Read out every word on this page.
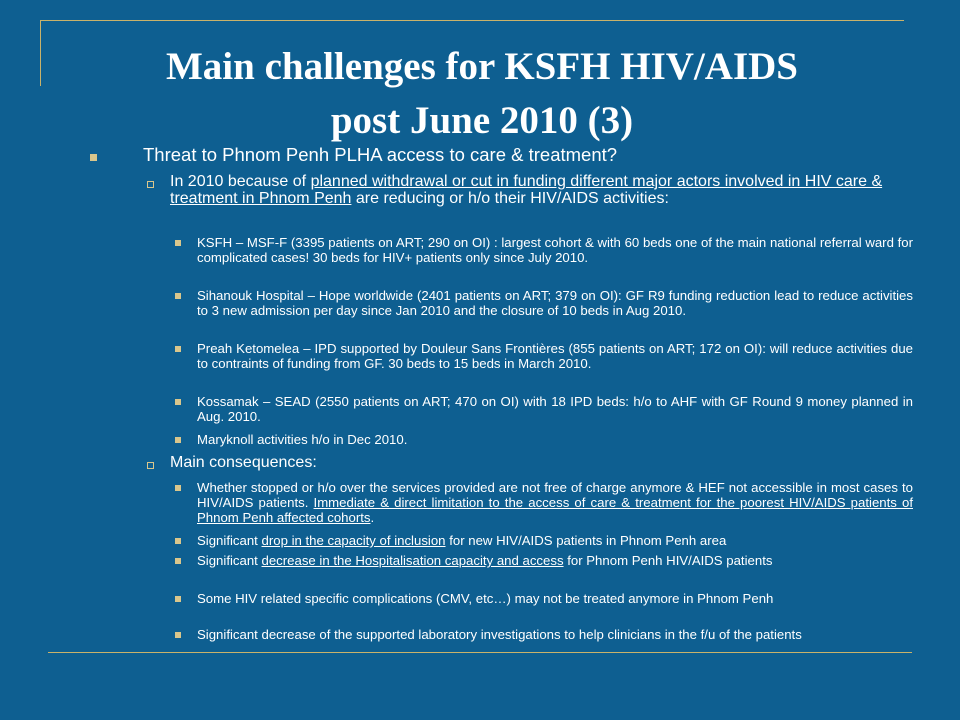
Main challenges for KSFH HIV/AIDS
post June 2010 (3)
Threat to Phnom Penh PLHA access to care & treatment?
In 2010 because of planned withdrawal or cut in funding different major actors involved in HIV care & treatment in Phnom Penh are reducing or h/o their HIV/AIDS activities:
KSFH – MSF-F (3395 patients on ART; 290 on OI) : largest cohort & with 60 beds one of the main national referral ward for complicated cases! 30 beds for HIV+ patients only since July 2010.
Sihanouk Hospital – Hope worldwide (2401 patients on ART; 379 on OI): GF R9 funding reduction lead to reduce activities to 3 new admission per day since Jan 2010 and the closure of 10 beds in Aug 2010.
Preah Ketomelea – IPD supported by Douleur Sans Frontières (855 patients on ART; 172 on OI): will reduce activities due to contraints of funding from GF. 30 beds to 15 beds in March 2010.
Kossamak – SEAD (2550 patients on ART; 470 on OI) with 18 IPD beds: h/o to AHF with GF Round 9 money planned in Aug. 2010.
Maryknoll activities h/o in Dec 2010.
Main consequences:
Whether stopped or h/o over the services provided are not free of charge anymore & HEF not accessible in most cases to HIV/AIDS patients. Immediate & direct limitation to the access of care & treatment for the poorest HIV/AIDS patients of Phnom Penh affected cohorts.
Significant drop in the capacity of inclusion for new HIV/AIDS patients in Phnom Penh area
Significant decrease in the Hospitalisation capacity and access for Phnom Penh HIV/AIDS patients
Some HIV related specific complications (CMV, etc…) may not be treated anymore in Phnom Penh
Significant decrease of the supported laboratory investigations to help clinicians in the f/u of the patients
